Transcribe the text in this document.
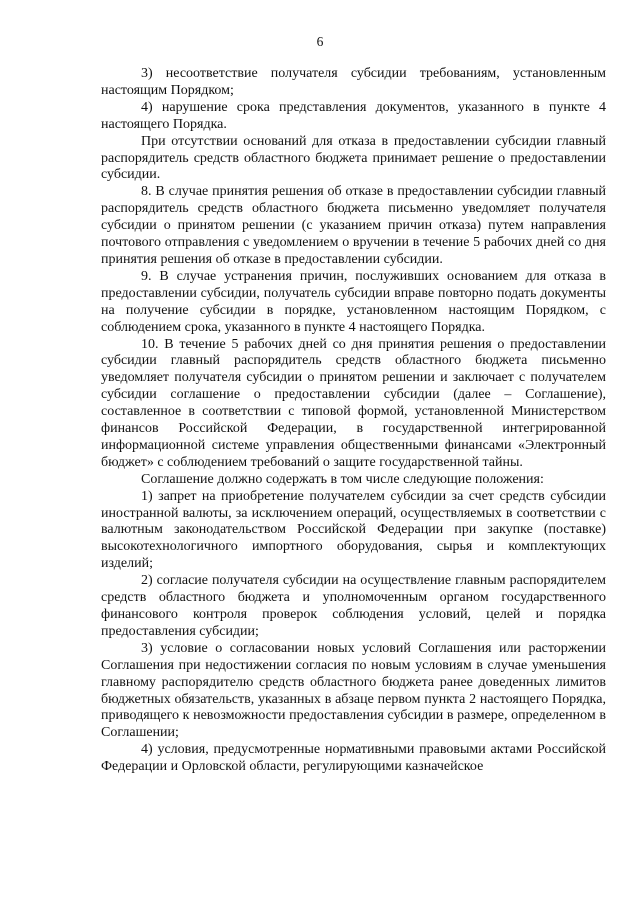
6

3) несоответствие получателя субсидии требованиям, установленным настоящим Порядком;

4) нарушение срока представления документов, указанного в пункте 4 настоящего Порядка.

При отсутствии оснований для отказа в предоставлении субсидии главный распорядитель средств областного бюджета принимает решение о предоставлении субсидии.

8. В случае принятия решения об отказе в предоставлении субсидии главный распорядитель средств областного бюджета письменно уведомляет получателя субсидии о принятом решении (с указанием причин отказа) путем направления почтового отправления с уведомлением о вручении в течение 5 рабочих дней со дня принятия решения об отказе в предоставлении субсидии.

9. В случае устранения причин, послуживших основанием для отказа в предоставлении субсидии, получатель субсидии вправе повторно подать документы на получение субсидии в порядке, установленном настоящим Порядком, с соблюдением срока, указанного в пункте 4 настоящего Порядка.

10. В течение 5 рабочих дней со дня принятия решения о предоставлении субсидии главный распорядитель средств областного бюджета письменно уведомляет получателя субсидии о принятом решении и заключает с получателем субсидии соглашение о предоставлении субсидии (далее – Соглашение), составленное в соответствии с типовой формой, установленной Министерством финансов Российской Федерации, в государственной интегрированной информационной системе управления общественными финансами «Электронный бюджет» с соблюдением требований о защите государственной тайны.

Соглашение должно содержать в том числе следующие положения:

1) запрет на приобретение получателем субсидии за счет средств субсидии иностранной валюты, за исключением операций, осуществляемых в соответствии с валютным законодательством Российской Федерации при закупке (поставке) высокотехнологичного импортного оборудования, сырья и комплектующих изделий;

2) согласие получателя субсидии на осуществление главным распорядителем средств областного бюджета и уполномоченным органом государственного финансового контроля проверок соблюдения условий, целей и порядка предоставления субсидии;

3) условие о согласовании новых условий Соглашения или расторжении Соглашения при недостижении согласия по новым условиям в случае уменьшения главному распорядителю средств областного бюджета ранее доведенных лимитов бюджетных обязательств, указанных в абзаце первом пункта 2 настоящего Порядка, приводящего к невозможности предоставления субсидии в размере, определенном в Соглашении;

4) условия, предусмотренные нормативными правовыми актами Российской Федерации и Орловской области, регулирующими казначейское
